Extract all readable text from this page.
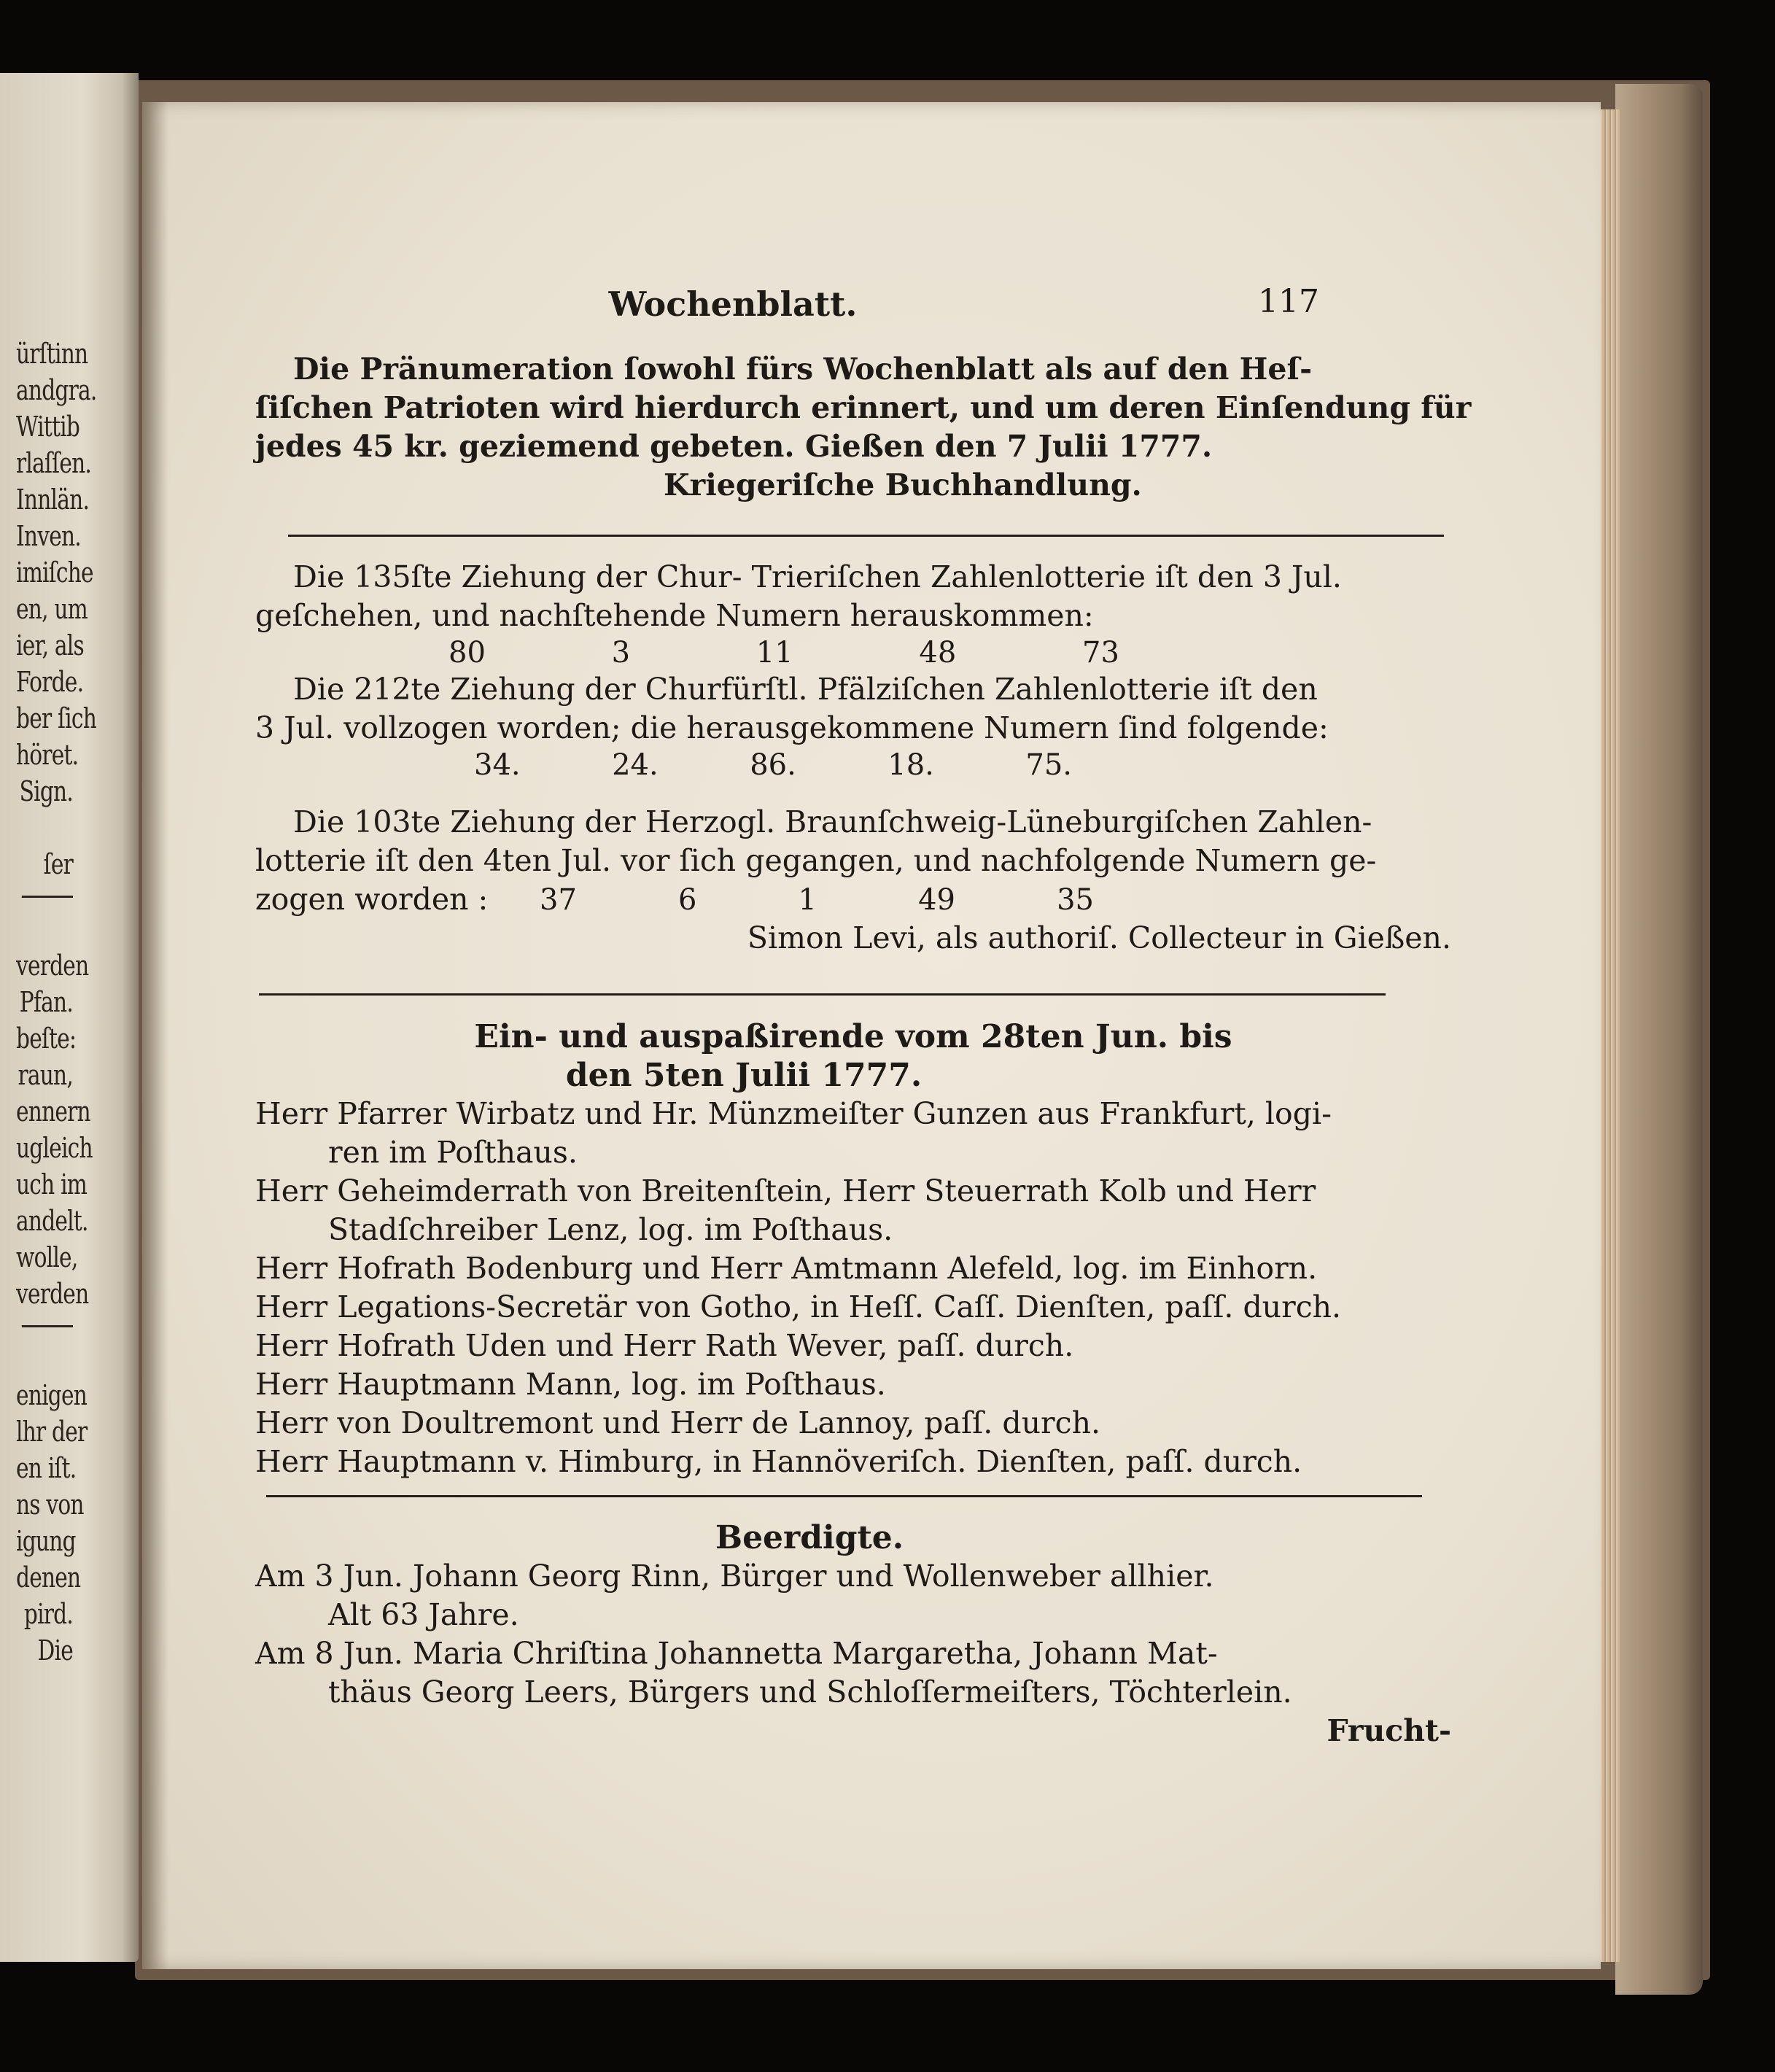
ürſtinn
andgra.
Wittib
rlaſſen.
Innlän.
Inven.
imiſche
en, um
ier, als
Forde.
ber ſich
höret.
Sign.
ſer
verden
Pfan.
beſte:
raun,
ennern
ugleich
uch im
andelt.
wolle,
verden
enigen
lhr der
en iſt.
ns von
igung
denen
pird.
Die
Wochenblatt.	117

Die Pränumeration ſowohl fürs Wochenblatt als auf den Heſ-

ſiſchen Patrioten wird hierdurch erinnert, und um deren Einſendung für

jedes 45 kr. geziemend gebeten. Gießen den 7 Julii 1777.

Kriegeriſche Buchhandlung.

Die 135ſte Ziehung der Chur- Trieriſchen Zahlenlotterie iſt den 3 Jul.

geſchehen, und nachſtehende Numern herauskommen:

80	3	11	48	73

Die 212te Ziehung der Churfürſtl. Pfälziſchen Zahlenlotterie iſt den

3 Jul. vollzogen worden; die herausgekommene Numern ſind folgende:

34.	24.	86.	18.	75.

Die 103te Ziehung der Herzogl. Braunſchweig-Lüneburgiſchen Zahlen-

lotterie iſt den 4ten Jul. vor ſich gegangen, und nachfolgende Numern ge-

zogen worden :	37	6	1	49	35

Simon Levi, als authoriſ. Collecteur in Gießen.

Ein- und auspaßirende vom 28ten Jun. bis

den 5ten Julii 1777.

Herr Pfarrer Wirbatz und Hr. Münzmeiſter Gunzen aus Frankfurt, logi-

ren im Poſthaus.

Herr Geheimderrath von Breitenſtein, Herr Steuerrath Kolb und Herr

Stadſchreiber Lenz, log. im Poſthaus.

Herr Hofrath Bodenburg und Herr Amtmann Alefeld, log. im Einhorn.

Herr Legations-Secretär von Gotho, in Heſſ. Caſſ. Dienſten, paſſ. durch.

Herr Hofrath Uden und Herr Rath Wever, paſſ. durch.

Herr Hauptmann Mann, log. im Poſthaus.

Herr von Doultremont und Herr de Lannoy, paſſ. durch.

Herr Hauptmann v. Himburg, in Hannöveriſch. Dienſten, paſſ. durch.

Beerdigte.

Am 3 Jun. Johann Georg Rinn, Bürger und Wollenweber allhier.

Alt 63 Jahre.

Am 8 Jun. Maria Chriſtina Johannetta Margaretha, Johann Mat-

thäus Georg Leers, Bürgers und Schloſſermeiſters, Töchterlein.

Frucht-
